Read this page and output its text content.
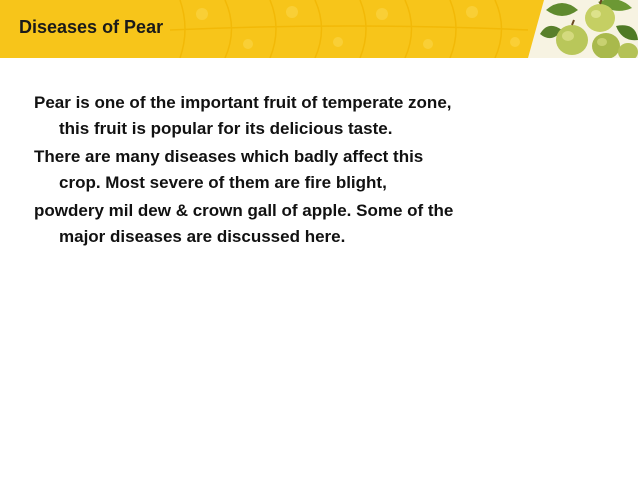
Diseases of Pear

Pear is one of the important fruit of temperate zone, this fruit is popular for its delicious taste.

There are many diseases which badly affect this crop. Most severe of them are fire blight,

powdery mil dew & crown gall of apple. Some of the major diseases are discussed here.
